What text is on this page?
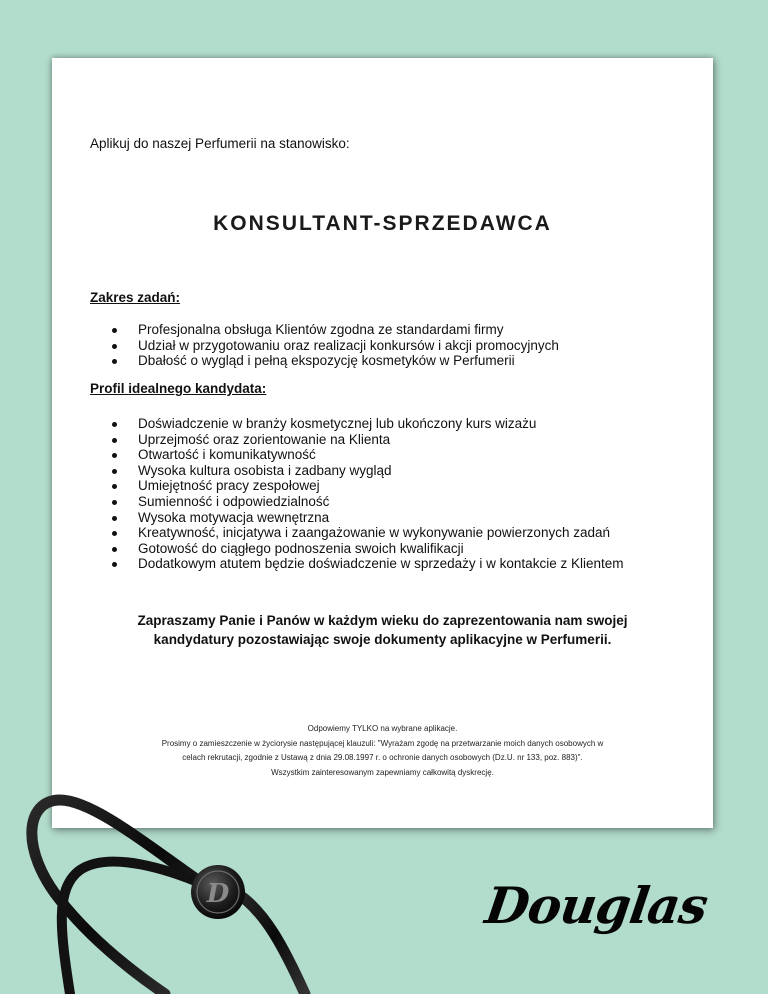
Aplikuj do naszej Perfumerii na stanowisko:
KONSULTANT-SPRZEDAWCA
Zakres zadań:
Profesjonalna obsługa Klientów zgodna ze standardami firmy
Udział w przygotowaniu oraz realizacji konkursów i akcji promocyjnych
Dbałość o wygląd i pełną ekspozycję kosmetyków w Perfumerii
Profil idealnego kandydata:
Doświadczenie w branży kosmetycznej lub ukończony kurs wizażu
Uprzejmość oraz zorientowanie na Klienta
Otwartość i komunikatywność
Wysoka kultura osobista i zadbany wygląd
Umiejętność pracy zespołowej
Sumienność i odpowiedzialność
Wysoka motywacja wewnętrzna
Kreatywność, inicjatywa i zaangażowanie w wykonywanie powierzonych zadań
Gotowość do ciągłego podnoszenia swoich kwalifikacji
Dodatkowym atutem będzie doświadczenie w sprzedaży i w kontakcie z Klientem
Zapraszamy Panie i Panów w każdym wieku do zaprezentowania nam swojej
kandydatury pozostawiając swoje dokumenty aplikacyjne w Perfumerii.
Odpowiemy TYLKO na wybrane aplikacje.
Prosimy o zamieszczenie w życiorysie następującej klauzuli: "Wyrażam zgodę na przetwarzanie moich danych osobowych w
celach rekrutacji, zgodnie z Ustawą z dnia 29.08.1997 r. o ochronie danych osobowych (Dz.U. nr 133, poz. 883)".
Wszystkim zainteresowanym zapewniamy całkowitą dyskrecję.
D	Douglas
